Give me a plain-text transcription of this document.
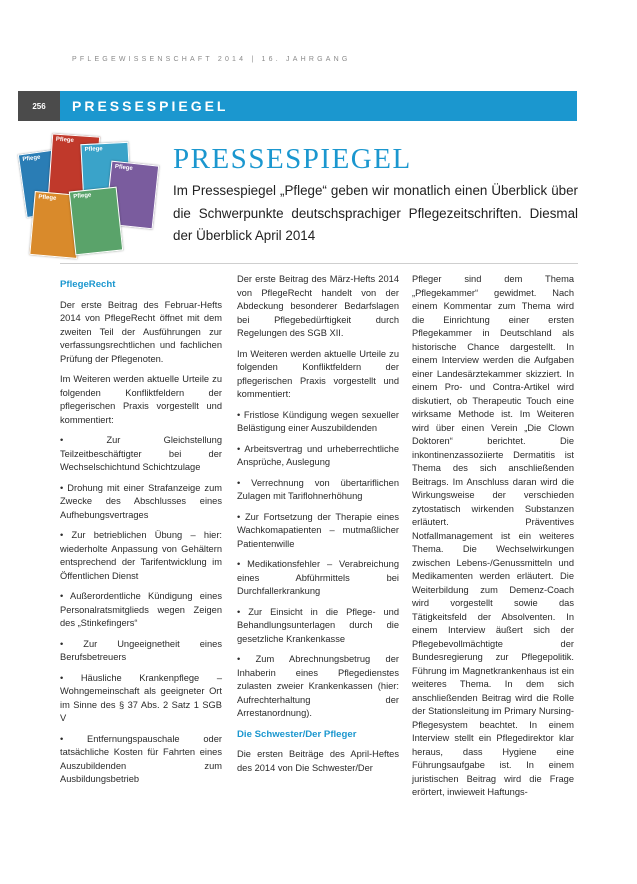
PFLEGEWISSENSCHAFT 2014 | 16. JAHRGANG
256	PRESSESPIEGEL
Pflege
Pflege
Pflege
Pflege
Pflege	Pflege
PRESSESPIEGEL

Im Pressespiegel „Pflege“ geben wir monatlich einen Überblick über die Schwerpunkte deutschsprachiger Pflegezeitschriften. Diesmal der Überblick April 2014

PflegeRecht

Der erste Beitrag des Februar-Hefts 2014 von PflegeRecht öffnet mit dem zweiten Teil der Ausführungen zur verfassungsrechtlichen und fachlichen Prüfung der Pflegenoten.

Im Weiteren werden aktuelle Urteile zu folgenden Konfliktfeldern der pflegerischen Praxis vorgestellt und kommentiert:

• Zur Gleichstellung Teilzeitbeschäftigter bei der Wechselschichtund Schichtzulage

• Drohung mit einer Strafanzeige zum Zwecke des Abschlusses eines Aufhebungsvertrages

• Zur betrieblichen Übung – hier: wiederholte Anpassung von Gehältern entsprechend der Tarifentwicklung im Öffentlichen Dienst

• Außerordentliche Kündigung eines Personalratsmitglieds wegen Zeigen des „Stinkefingers“

• Zur Ungeeignetheit eines Berufsbetreuers

• Häusliche Krankenpflege – Wohngemeinschaft als geeigneter Ort im Sinne des § 37 Abs. 2 Satz 1 SGB V

• Entfernungspauschale oder tatsächliche Kosten für Fahrten eines Auszubildenden zum Ausbildungsbetrieb

Der erste Beitrag des März-Hefts 2014 von PflegeRecht handelt von der Abdeckung besonderer Bedarfslagen bei Pflegebedürftigkeit durch Regelungen des SGB XII.

Im Weiteren werden aktuelle Urteile zu folgenden Konfliktfeldern der pflegerischen Praxis vorgestellt und kommentiert:

• Fristlose Kündigung wegen sexueller Belästigung einer Auszubildenden

• Arbeitsvertrag und urheberrechtliche Ansprüche, Auslegung

• Verrechnung von übertariflichen Zulagen mit Tariflohnerhöhung

• Zur Fortsetzung der Therapie eines Wachkomapatienten – mutmaßlicher Patientenwille

• Medikationsfehler – Verabreichung eines Abführmittels bei Durchfallerkrankung

• Zur Einsicht in die Pflege- und Behandlungsunterlagen durch die gesetzliche Krankenkasse

• Zum Abrechnungsbetrug der Inhaberin eines Pflegedienstes zulasten zweier Krankenkassen (hier: Aufrechterhaltung der Arrestanordnung).

Die Schwester/Der Pfleger

Die ersten Beiträge des April-Heftes des 2014 von Die Schwester/Der

Pfleger sind dem Thema „Pflegekammer“ gewidmet. Nach einem Kommentar zum Thema wird die Einrichtung einer ersten Pflegekammer in Deutschland als historische Chance dargestellt. In einem Interview werden die Aufgaben einer Landesärztekammer skizziert. In einem Pro- und Contra-Artikel wird diskutiert, ob Therapeutic Touch eine wirksame Methode ist. Im Weiteren wird über einen Verein „Die Clown Doktoren“ berichtet. Die inkontinenzassoziierte Dermatitis ist Thema des sich anschließenden Beitrags. Im Anschluss daran wird die Wirkungsweise der verschieden zytostatisch wirkenden Substanzen erläutert. Präventives Notfallmanagement ist ein weiteres Thema. Die Wechselwirkungen zwischen Lebens-/Genussmitteln und Medikamenten werden erläutert. Die Weiterbildung zum Demenz-Coach wird vorgestellt sowie das Tätigkeitsfeld der Absolventen. In einem Interview äußert sich der Pflegebevollmächtigte der Bundesregierung zur Pflegepolitik. Führung im Magnetkrankenhaus ist ein weiteres Thema. In dem sich anschließenden Beitrag wird die Rolle der Stationsleitung im Primary Nursing-Pflegesystem beachtet. In einem Interview stellt ein Pflegedirektor klar heraus, dass Hygiene eine Führungsaufgabe ist. In einem juristischen Beitrag wird die Frage erörtert, inwieweit Haftungs-
